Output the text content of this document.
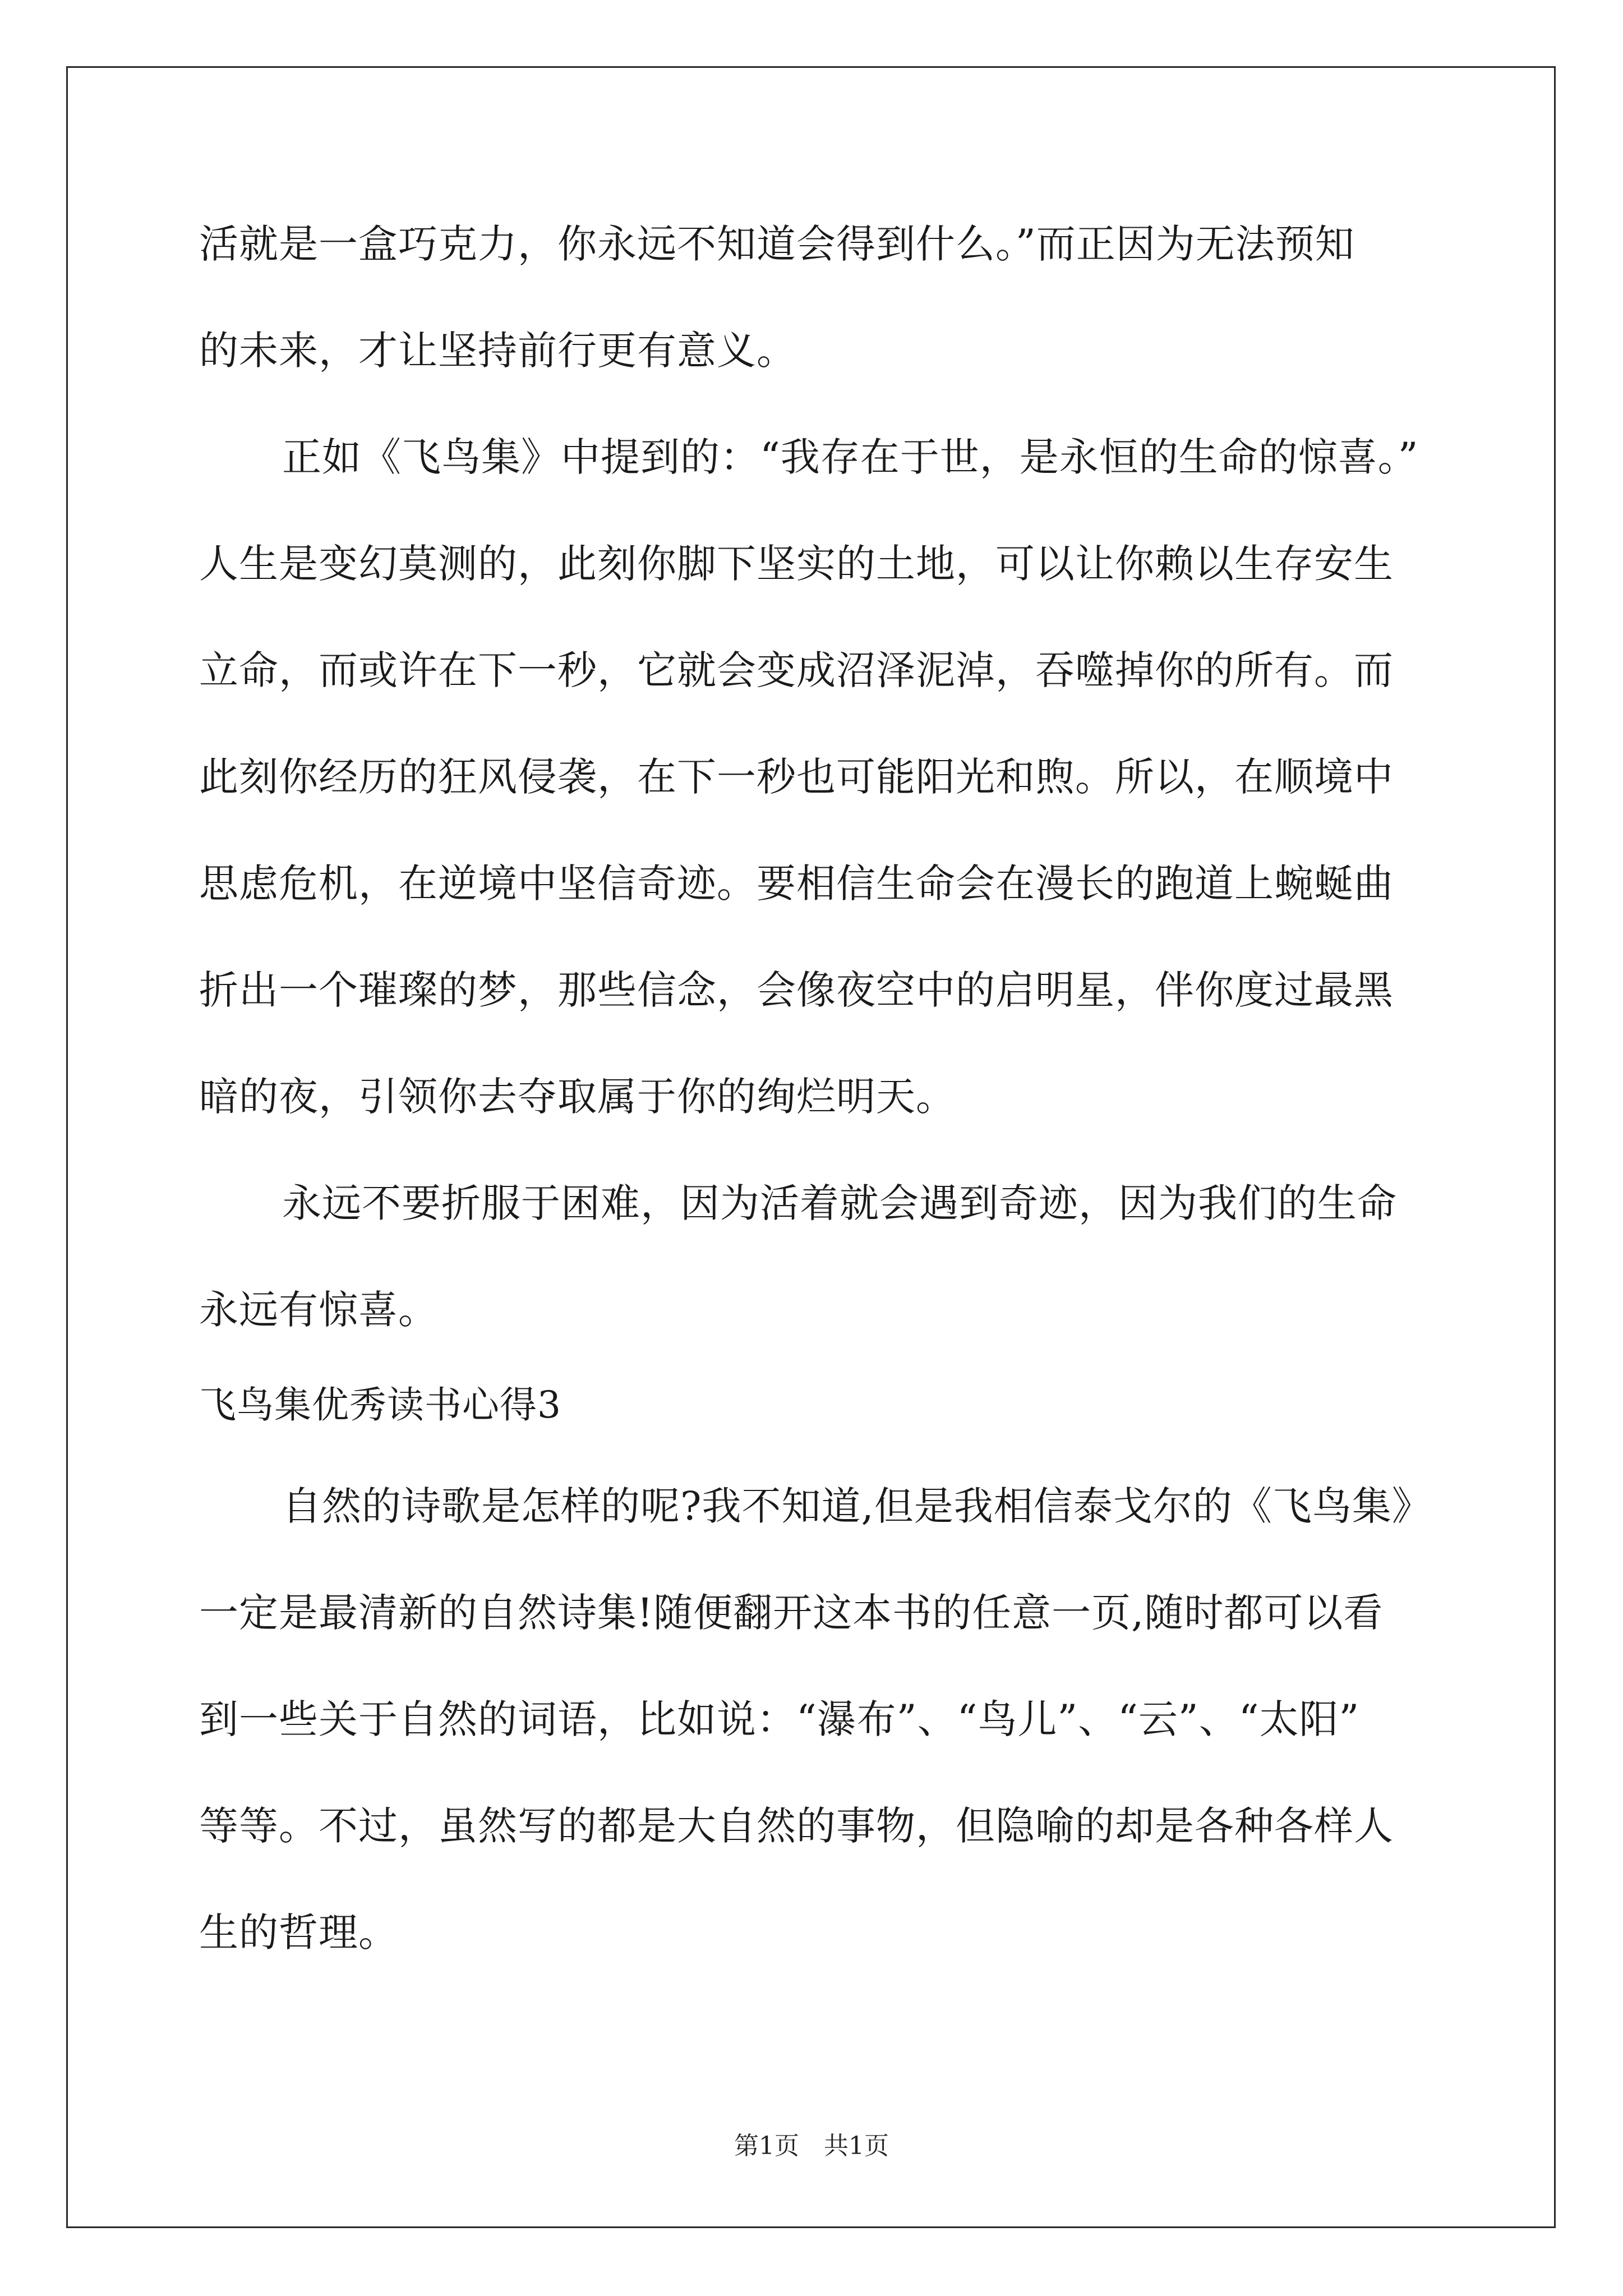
活就是一盒巧克力，你永远不知道会得到什么。”而正因为无法预知
的未来，才让坚持前行更有意义。
正如《飞鸟集》中提到的：“我存在于世，是永恒的生命的惊喜。”
人生是变幻莫测的，此刻你脚下坚实的土地，可以让你赖以生存安生
立命，而或许在下一秒，它就会变成沼泽泥淖，吞噬掉你的所有。而
此刻你经历的狂风侵袭，在下一秒也可能阳光和煦。所以，在顺境中
思虑危机，在逆境中坚信奇迹。要相信生命会在漫长的跑道上蜿蜒曲
折出一个璀璨的梦，那些信念，会像夜空中的启明星，伴你度过最黑
暗的夜，引领你去夺取属于你的绚烂明天。
永远不要折服于困难，因为活着就会遇到奇迹，因为我们的生命
永远有惊喜。
飞鸟集优秀读书心得3
自然的诗歌是怎样的呢?我不知道,但是我相信泰戈尔的《飞鸟集》
一定是最清新的自然诗集!随便翻开这本书的任意一页,随时都可以看
到一些关于自然的词语，比如说：“瀑布”、“鸟儿”、“云”、“太阳”
等等。不过，虽然写的都是大自然的事物，但隐喻的却是各种各样人
生的哲理。
第1页　共1页
